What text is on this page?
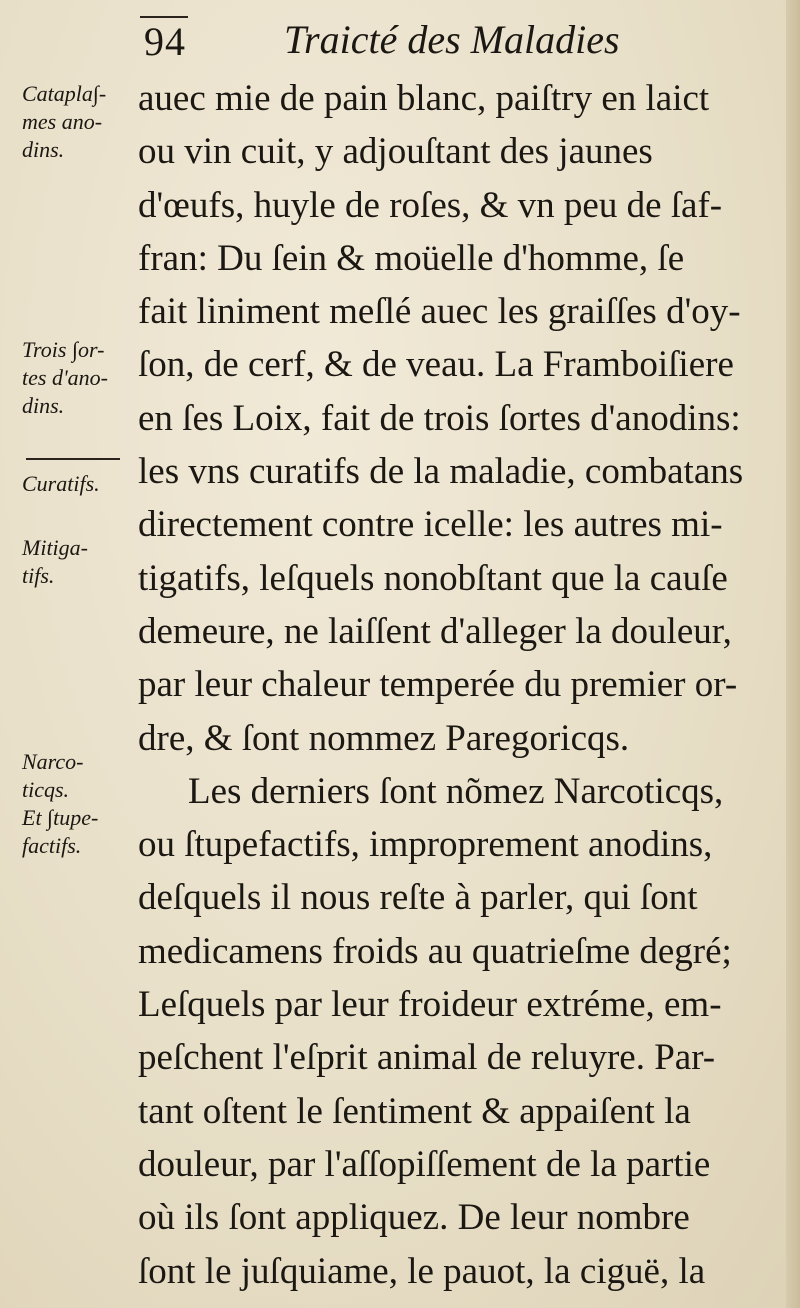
94 Traicté des Maladies
Catapla∫-
mes ano-
dins.
Trois ∫or-
tes d'ano-
dins.
Curatifs.
Mitiga-
tifs.
Narco-
ticqs.
Et ∫tupe-
factifs.
auec mie de pain blanc, paiſtry en laict
ou vin cuit, y adjouſtant des jaunes
d'œufs, huyle de roſes, & vn peu de ſaf-
fran: Du ſein & moüelle d'homme, ſe
fait liniment meſlé auec les graiſſes d'oy-
ſon, de cerf, & de veau. La Framboiſiere
en ſes Loix, fait de trois ſortes d'anodins:
les vns curatifs de la maladie, combatans
directement contre icelle: les autres mi-
tigatifs, leſquels nonobſtant que la cauſe
demeure, ne laiſſent d'alleger la douleur,
par leur chaleur temperée du premier or-
dre, & ſont nommez Paregoricqs.
Les derniers ſont nõmez Narcoticqs,
ou ſtupefactifs, improprement anodins,
deſquels il nous reſte à parler, qui ſont
medicamens froids au quatrieſme degré;
Leſquels par leur froideur extréme, em-
peſchent l'eſprit animal de reluyre. Par-
tant oſtent le ſentiment & appaiſent la
douleur, par l'aſſopiſſement de la partie
où ils ſont appliquez. De leur nombre
ſont le juſquiame, le pauot, la ciguë, la
